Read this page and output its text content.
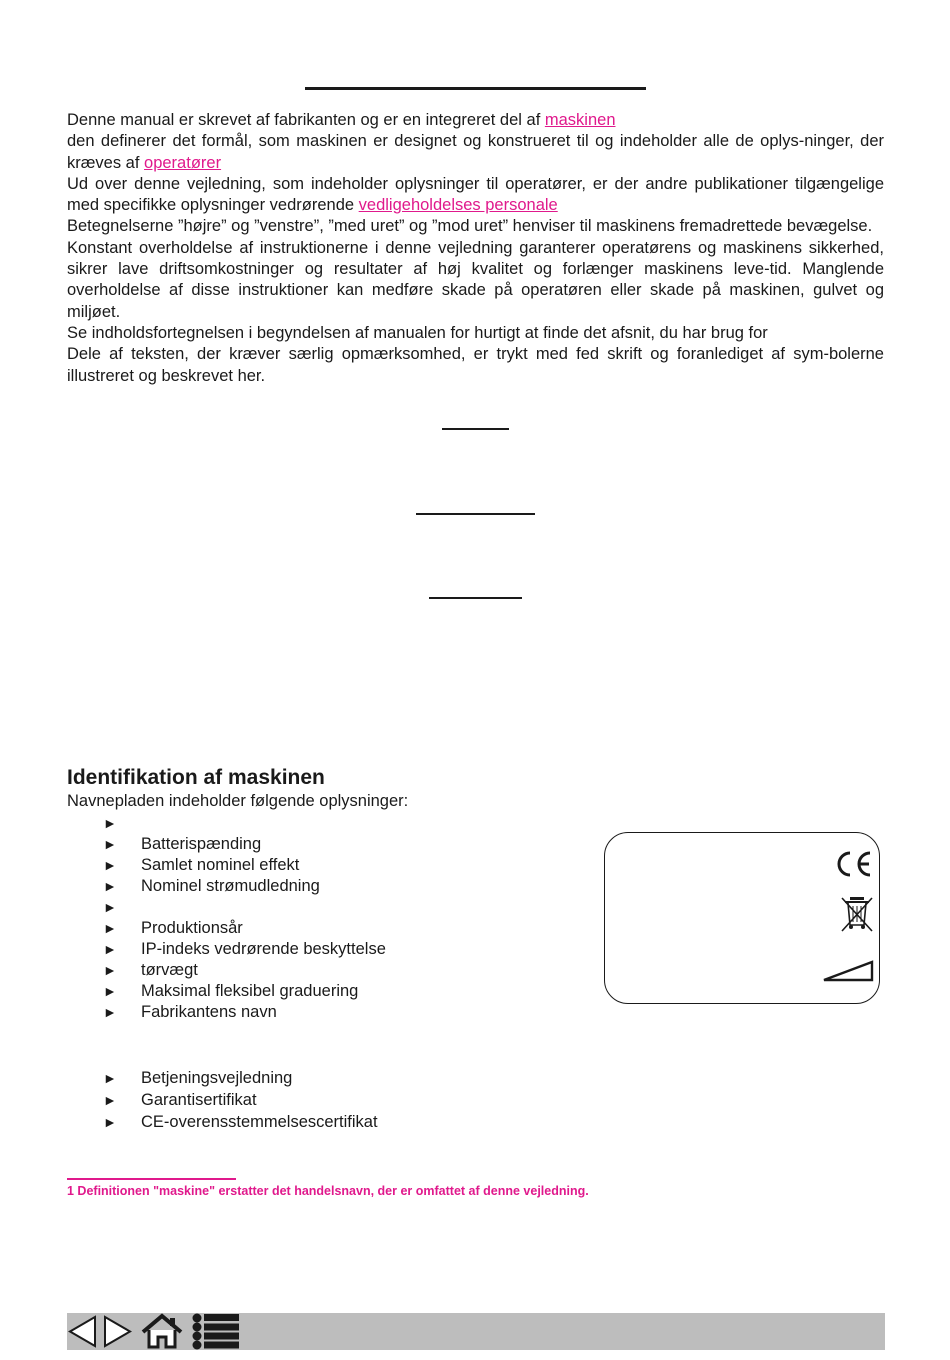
Denne manual er skrevet af fabrikanten og er en integreret del af maskinen

den definerer det formål, som maskinen er designet og konstrueret til og indeholder alle de oplys-ninger, der kræves af operatører

Ud over denne vejledning, som indeholder oplysninger til operatører, er der andre publikationer tilgængelige med specifikke oplysninger vedrørende vedligeholdelses personale

Betegnelserne ”højre” og ”venstre”, ”med uret” og ”mod uret” henviser til maskinens fremadrettede bevægelse.

Konstant overholdelse af instruktionerne i denne vejledning garanterer operatørens og maskinens sikkerhed, sikrer lave driftsomkostninger og resultater af høj kvalitet og forlænger maskinens leve-tid. Manglende overholdelse af disse instruktioner kan medføre skade på operatøren eller skade på maskinen, gulvet og miljøet.

Se indholdsfortegnelsen i begyndelsen af manualen for hurtigt at finde det afsnit, du har brug for

Dele af teksten, der kræver særlig opmærksomhed, er trykt med fed skrift og foranlediget af sym-bolerne illustreret og beskrevet her.

Identifikation af maskinen

Navnepladen indeholder følgende oplysninger:

►
► Batterispænding
► Samlet nominel effekt
► Nominel strømudledning
►
► Produktionsår
► IP-indeks vedrørende beskyttelse
► tørvægt
► Maksimal fleksibel graduering
► Fabrikantens navn
► Betjeningsvejledning
► Garantisertifikat
► CE-overensstemmelsescertifikat

1 Definitionen "maskine" erstatter det handelsnavn, der er omfattet af denne vejledning.
